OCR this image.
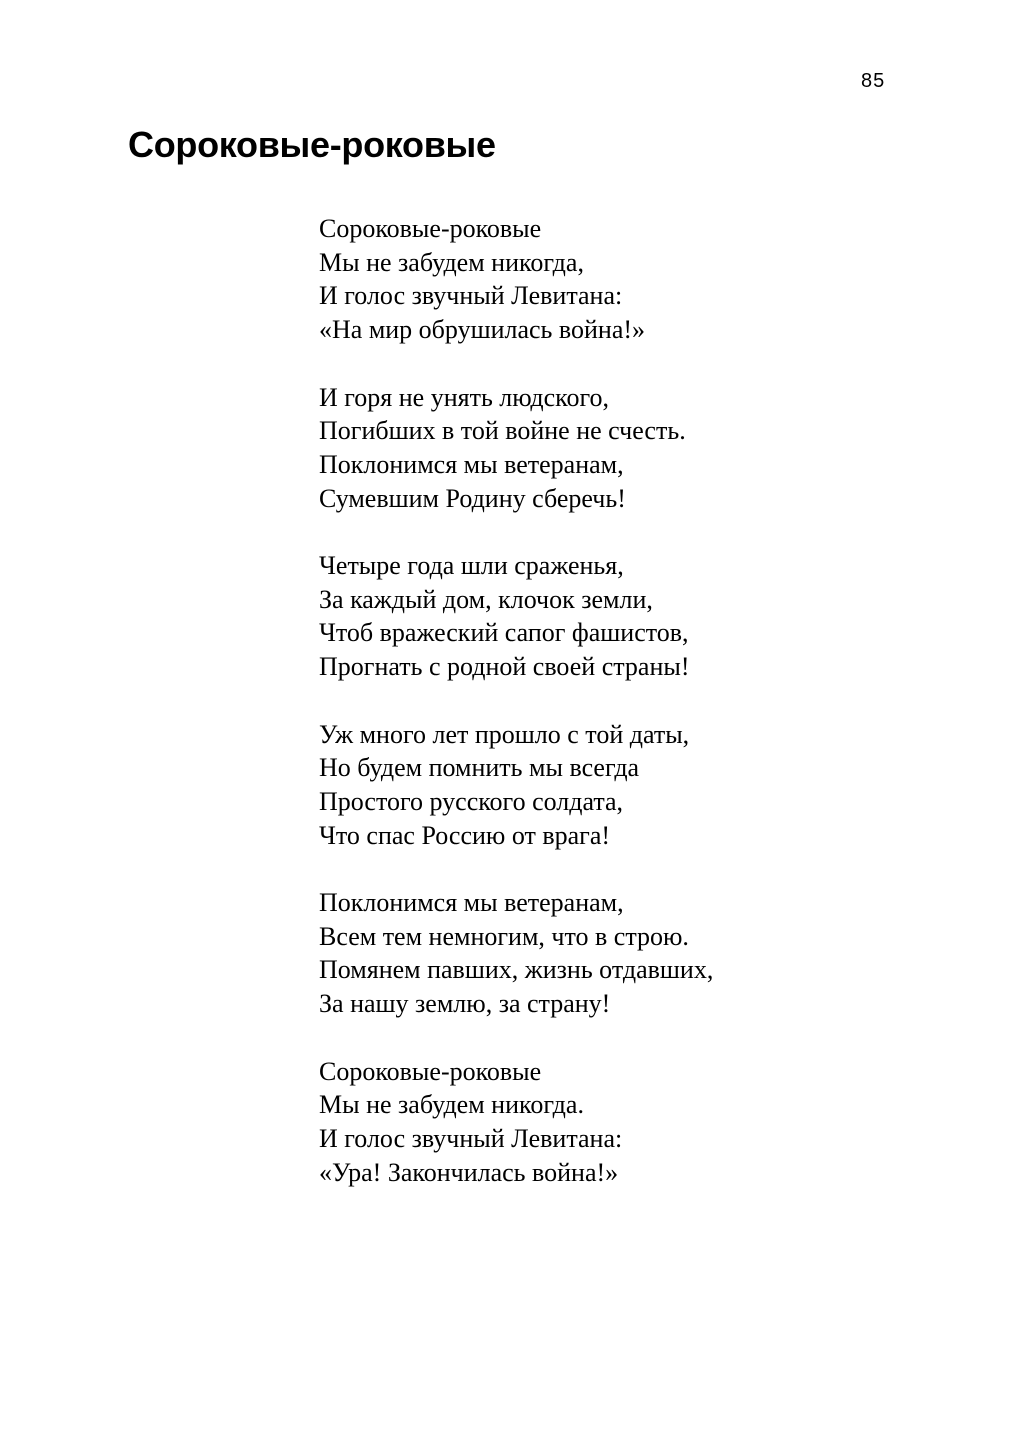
85
Сороковые-роковые
Сороковые-роковые
Мы не забудем никогда,
И голос звучный Левитана:
«На мир обрушилась война!»
И горя не унять людского,
Погибших в той войне не счесть.
Поклонимся мы ветеранам,
Сумевшим Родину сберечь!
Четыре года шли сраженья,
За каждый дом, клочок земли,
Чтоб вражеский сапог фашистов,
Прогнать с родной своей страны!
Уж много лет прошло с той даты,
Но будем помнить мы всегда
Простого русского солдата,
Что спас Россию от врага!
Поклонимся мы ветеранам,
Всем тем немногим, что в строю.
Помянем павших, жизнь отдавших,
За нашу землю, за страну!
Сороковые-роковые
Мы не забудем никогда.
И голос звучный Левитана:
«Ура! Закончилась война!»
